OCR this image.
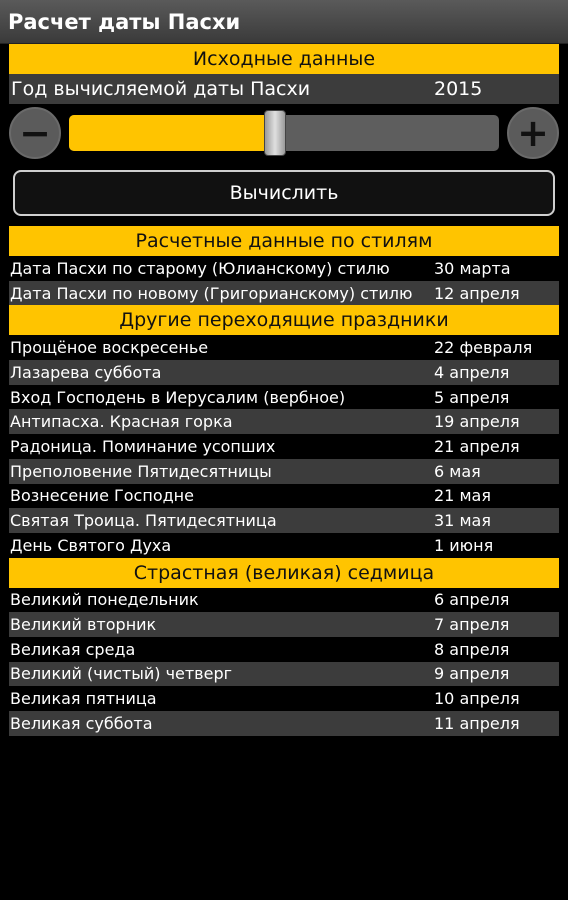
Расчет даты Пасхи
Исходные данные
Год вычисляемой даты Пасхи	2015
−	+
Вычислить
Расчетные данные по стилям
Дата Пасхи по старому (Юлианскому) стилю	30 марта
Дата Пасхи по новому (Григорианскому) стилю	12 апреля
Другие переходящие праздники
Прощёное воскресенье	22 февраля
Лазарева суббота	4 апреля
Вход Господень в Иерусалим (вербное)	5 апреля
Антипасха. Красная горка	19 апреля
Радоница. Поминание усопших	21 апреля
Преполовение Пятидесятницы	6 мая
Вознесение Господне	21 мая
Святая Троица. Пятидесятница	31 мая
День Святого Духа	1 июня
Страстная (великая) седмица
Великий понедельник	6 апреля
Великий вторник	7 апреля
Великая среда	8 апреля
Великий (чистый) четверг	9 апреля
Великая пятница	10 апреля
Великая суббота	11 апреля
